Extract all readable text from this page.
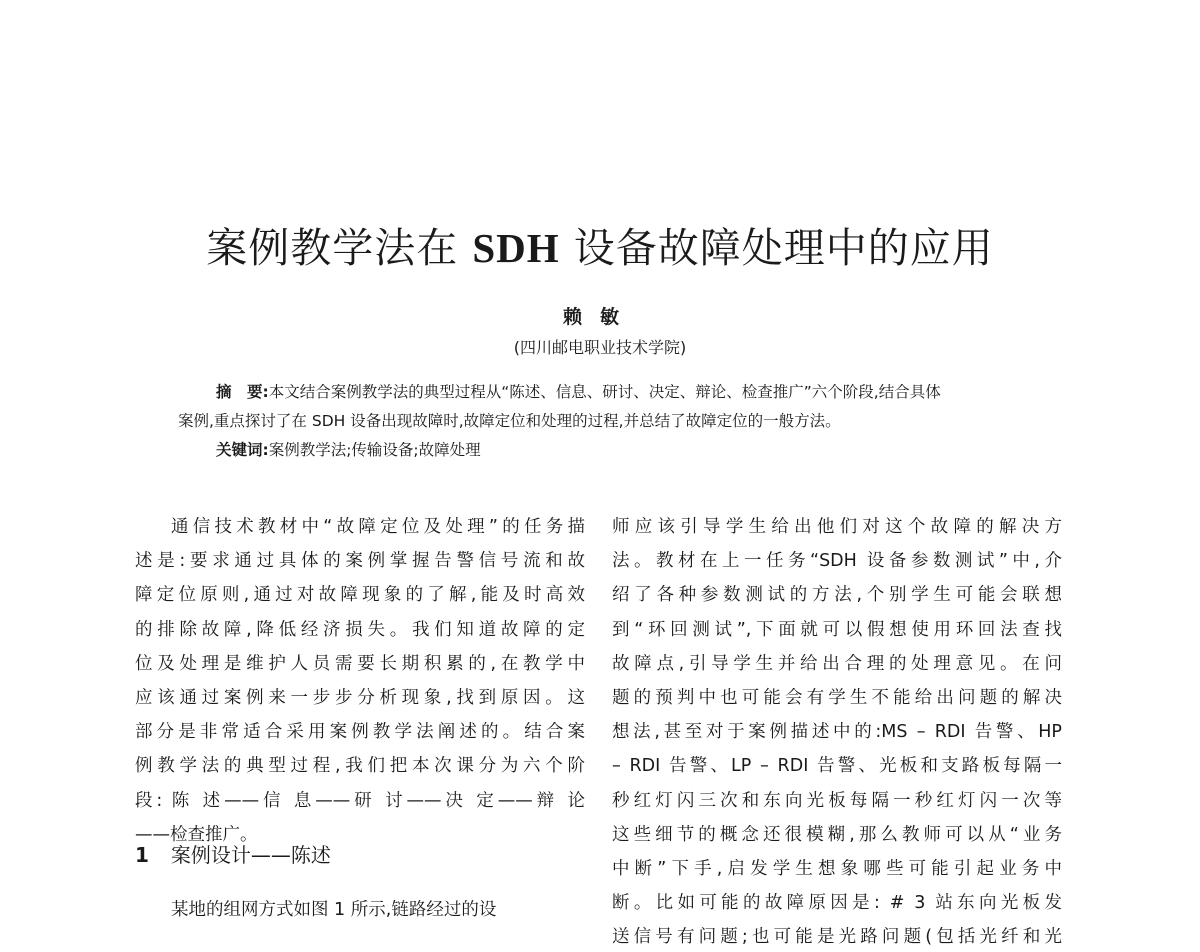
案例教学法在 SDH 设备故障处理中的应用
赖敏
(四川邮电职业技术学院)
摘　要:本文结合案例教学法的典型过程从“陈述、信息、研讨、决定、辩论、检查推广”六个阶段,结合具体
案例,重点探讨了在 SDH 设备出现故障时,故障定位和处理的过程,并总结了故障定位的一般方法。
关键词:案例教学法;传输设备;故障处理
通信技术教材中“故障定位及处理”的任务描
述是:要求通过具体的案例掌握告警信号流和故
障定位原则,通过对故障现象的了解,能及时高效
的排除故障,降低经济损失。我们知道故障的定
位及处理是维护人员需要长期积累的,在教学中
应该通过案例来一步步分析现象,找到原因。这
部分是非常适合采用案例教学法阐述的。结合案
例教学法的典型过程,我们把本次课分为六个阶
段: 陈 述——信 息——研 讨——决 定——辩 论
——检查推广。
1 案例设计——陈述
某地的组网方式如图 1 所示,链路经过的设
师应该引导学生给出他们对这个故障的解决方
法。教材在上一任务“SDH 设备参数测试”中,介
绍了各种参数测试的方法,个别学生可能会联想
到“环回测试”,下面就可以假想使用环回法查找
故障点,引导学生并给出合理的处理意见。在问
题的预判中也可能会有学生不能给出问题的解决
想法,甚至对于案例描述中的:MS – RDI 告警、HP
– RDI 告警、LP – RDI 告警、光板和支路板每隔一
秒红灯闪三次和东向光板每隔一秒红灯闪一次等
这些细节的概念还很模糊,那么教师可以从“业务
中断”下手,启发学生想象哪些可能引起业务中
断。比如可能的故障原因是: # 3 站东向光板发
送信号有问题;也可能是光路问题(包括光纤和光
